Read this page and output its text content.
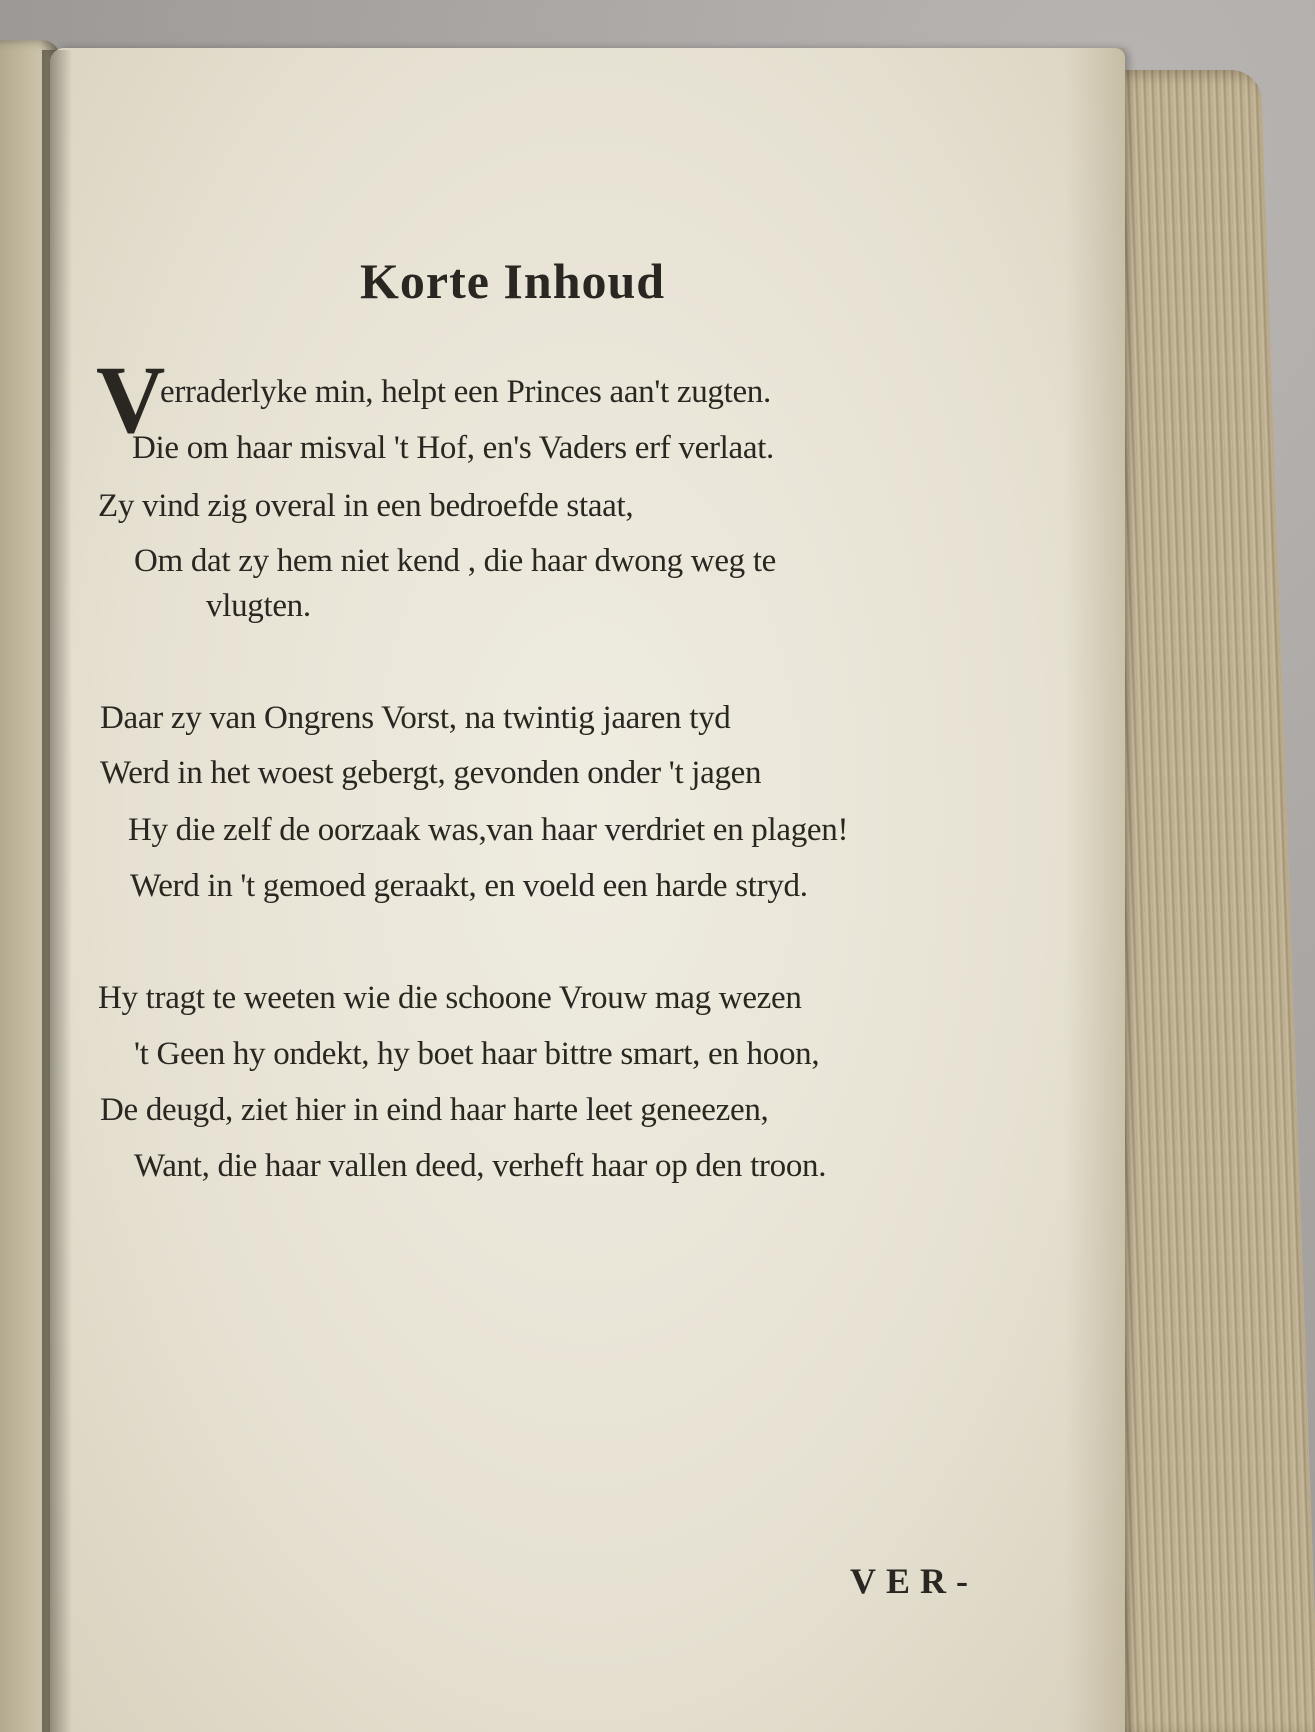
Korte Inhoud
V
erraderlyke min, helpt een Princes aan't zugten.
Die om haar misval 't Hof, en's Vaders erf verlaat.
Zy vind zig overal in een bedroefde staat,
Om dat zy hem niet kend , die haar dwong weg te
vlugten.
Daar zy van Ongrens Vorst, na twintig jaaren tyd
Werd in het woest gebergt, gevonden onder 't jagen
Hy die zelf de oorzaak was,van haar verdriet en plagen!
Werd in 't gemoed geraakt, en voeld een harde stryd.
Hy tragt te weeten wie die schoone Vrouw mag wezen
't Geen hy ondekt, hy boet haar bittre smart, en hoon,
De deugd, ziet hier in eind haar harte leet geneezen,
Want, die haar vallen deed, verheft haar op den troon.
VER-
